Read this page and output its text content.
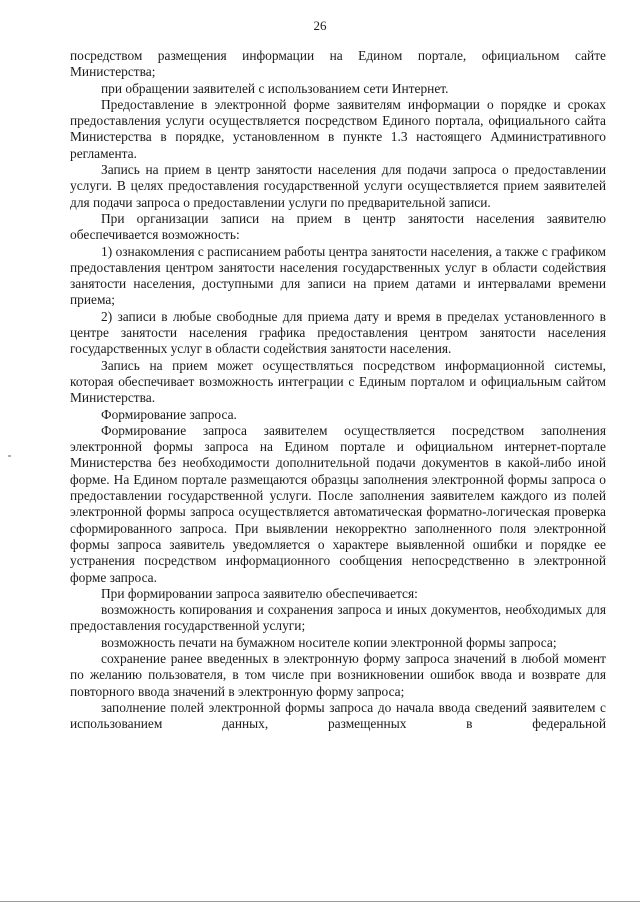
26

посредством размещения информации на Едином портале, официальном сайте Министерства;

при обращении заявителей с использованием сети Интернет.

Предоставление в электронной форме заявителям информации о порядке и сроках предоставления услуги осуществляется посредством Единого портала, официального сайта Министерства в порядке, установленном в пункте 1.3 настоящего Административного регламента.

Запись на прием в центр занятости населения для подачи запроса о предоставлении услуги. В целях предоставления государственной услуги осуществляется прием заявителей для подачи запроса о предоставлении услуги по предварительной записи.

При организации записи на прием в центр занятости населения заявителю обеспечивается возможность:

1) ознакомления с расписанием работы центра занятости населения, а также с графиком предоставления центром занятости населения государственных услуг в области содействия занятости населения, доступными для записи на прием датами и интервалами времени приема;

2) записи в любые свободные для приема дату и время в пределах установленного в центре занятости населения графика предоставления центром занятости населения государственных услуг в области содействия занятости населения.

Запись на прием может осуществляться посредством информационной системы, которая обеспечивает возможность интеграции с Единым порталом и официальным сайтом Министерства.

Формирование запроса.

Формирование запроса заявителем осуществляется посредством заполнения электронной формы запроса на Едином портале и официальном интернет-портале Министерства без необходимости дополнительной подачи документов в какой-либо иной форме. На Едином портале размещаются образцы заполнения электронной формы запроса о предоставлении государственной услуги. После заполнения заявителем каждого из полей электронной формы запроса осуществляется автоматическая форматно-логическая проверка сформированного запроса. При выявлении некорректно заполненного поля электронной формы запроса заявитель уведомляется о характере выявленной ошибки и порядке ее устранения посредством информационного сообщения непосредственно в электронной форме запроса.

При формировании запроса заявителю обеспечивается:

возможность копирования и сохранения запроса и иных документов, необходимых для предоставления государственной услуги;

возможность печати на бумажном носителе копии электронной формы запроса;

сохранение ранее введенных в электронную форму запроса значений в любой момент по желанию пользователя, в том числе при возникновении ошибок ввода и возврате для повторного ввода значений в электронную форму запроса;

заполнение полей электронной формы запроса до начала ввода сведений заявителем с использованием данных, размещенных в федеральной
